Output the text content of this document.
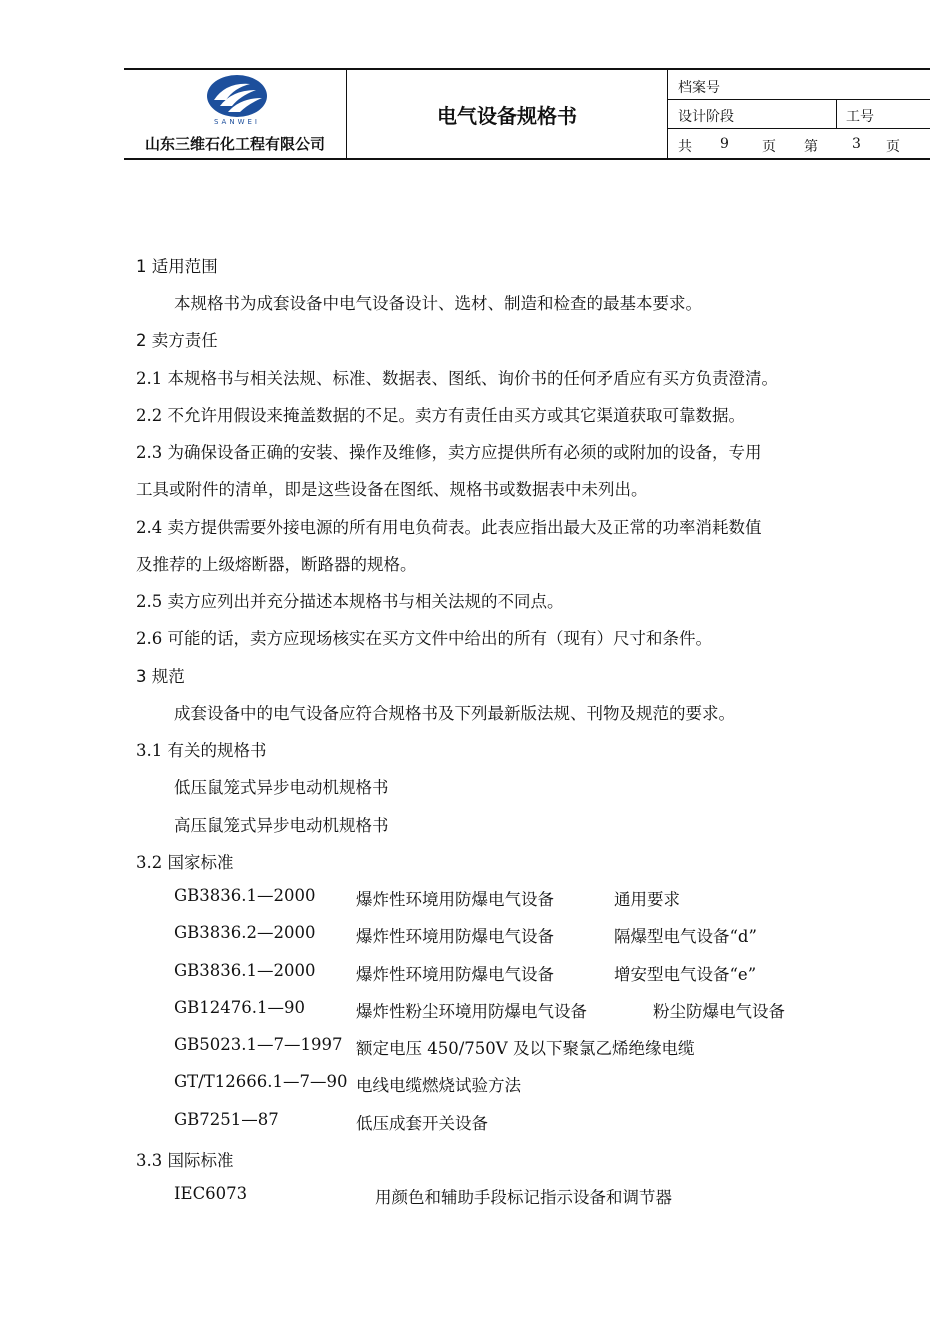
SANWEI
山东三维石化工程有限公司
电气设备规格书
档案号
设计阶段	工号
共 9 页 第 3 页
1 适用范围
本规格书为成套设备中电气设备设计、选材、制造和检查的最基本要求。
2 卖方责任
2.1 本规格书与相关法规、标准、数据表、图纸、询价书的任何矛盾应有买方负责澄清。
2.2 不允许用假设来掩盖数据的不足。卖方有责任由买方或其它渠道获取可靠数据。
2.3 为确保设备正确的安装、操作及维修，卖方应提供所有必须的或附加的设备，专用
工具或附件的清单，即是这些设备在图纸、规格书或数据表中未列出。
2.4 卖方提供需要外接电源的所有用电负荷表。此表应指出最大及正常的功率消耗数值
及推荐的上级熔断器，断路器的规格。
2.5 卖方应列出并充分描述本规格书与相关法规的不同点。
2.6 可能的话，卖方应现场核实在买方文件中给出的所有（现有）尺寸和条件。
3 规范
成套设备中的电气设备应符合规格书及下列最新版法规、刊物及规范的要求。
3.1 有关的规格书
低压鼠笼式异步电动机规格书
高压鼠笼式异步电动机规格书
3.2 国家标准
GB3836.1—2000 爆炸性环境用防爆电气设备	通用要求
GB3836.2—2000 爆炸性环境用防爆电气设备	隔爆型电气设备“d”
GB3836.1—2000 爆炸性环境用防爆电气设备	增安型电气设备“e”
GB12476.1—90	爆炸性粉尘环境用防爆电气设备	粉尘防爆电气设备
GB5023.1—7—1997 额定电压 450/750V 及以下聚氯乙烯绝缘电缆
GT/T12666.1—7—90 电线电缆燃烧试验方法
GB7251—87	低压成套开关设备
3.3 国际标准
IEC6073	用颜色和辅助手段标记指示设备和调节器
